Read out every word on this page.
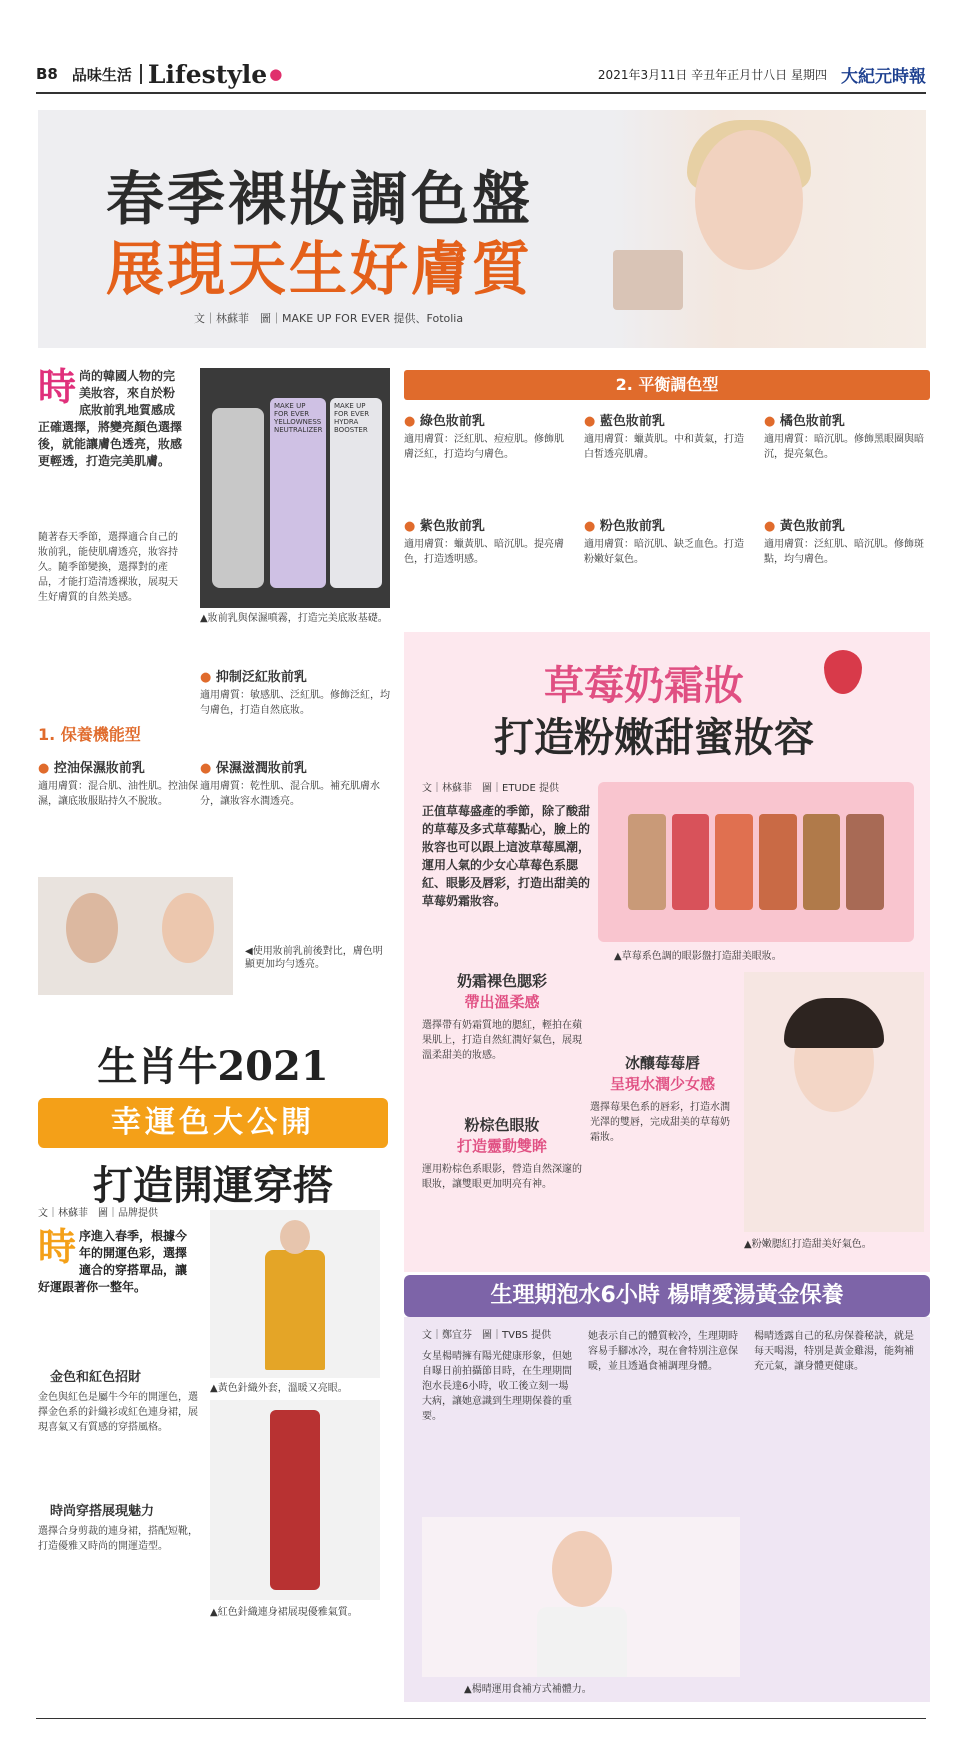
B8 品味生活 Lifestyle ●	2021年3月11日 辛丑年正月廿八日 星期四 大紀元時報
春季裸妝調色盤
展現天生好膚質
文｜林蘇菲　圖｜MAKE UP FOR EVER 提供、Fotolia
時 尚的韓國人物的完美妝容，來自於粉底妝前乳地質感成正確選擇，將變亮顏色選擇後，就能讓膚色透亮，妝感更輕透，打造完美肌膚。
隨著春天季節，選擇適合自己的妝前乳，能使肌膚透亮，妝容持久。隨季節變換，選擇對的產品，才能打造清透裸妝，展現天生好膚質的自然美感。
MAKE UP FOR EVER
YELLOWNESS NEUTRALIZER
MAKE UP FOR EVER
HYDRA BOOSTER
▲妝前乳與保濕噴霧，打造完美底妝基礎。
● 抑制泛紅妝前乳
適用膚質：敏感肌、泛紅肌。修飾泛紅，均勻膚色，打造自然底妝。
1. 保養機能型
● 控油保濕妝前乳
適用膚質：混合肌、油性肌。控油保濕，讓底妝服貼持久不脫妝。
● 保濕滋潤妝前乳
適用膚質：乾性肌、混合肌。補充肌膚水分，讓妝容水潤透亮。
◀使用妝前乳前後對比，膚色明顯更加均勻透亮。
2. 平衡調色型
● 綠色妝前乳
適用膚質：泛紅肌、痘痘肌。修飾肌膚泛紅，打造均勻膚色。
● 藍色妝前乳
適用膚質：蠟黃肌。中和黃氣，打造白皙透亮肌膚。
● 橘色妝前乳
適用膚質：暗沉肌。修飾黑眼圈與暗沉，提亮氣色。
● 紫色妝前乳
適用膚質：蠟黃肌、暗沉肌。提亮膚色，打造透明感。
● 粉色妝前乳
適用膚質：暗沉肌、缺乏血色。打造粉嫩好氣色。
● 黃色妝前乳
適用膚質：泛紅肌、暗沉肌。修飾斑點，均勻膚色。
草莓奶霜妝
打造粉嫩甜蜜妝容
文｜林蘇菲　圖｜ETUDE 提供
正值草莓盛產的季節，除了酸甜的草莓及多式草莓點心，臉上的妝容也可以跟上這波草莓風潮，運用人氣的少女心草莓色系腮紅、眼影及唇彩，打造出甜美的草莓奶霜妝容。
▲草莓系色調的眼影盤打造甜美眼妝。
奶霜裸色腮彩
帶出溫柔感
選擇帶有奶霜質地的腮紅，輕拍在蘋果肌上，打造自然紅潤好氣色，展現溫柔甜美的妝感。
粉棕色眼妝
打造靈動雙眸
運用粉棕色系眼影，營造自然深邃的眼妝，讓雙眼更加明亮有神。
冰釀莓莓唇
呈現水潤少女感
選擇莓果色系的唇彩，打造水潤光澤的雙唇，完成甜美的草莓奶霜妝。
▲粉嫩腮紅打造甜美好氣色。
生肖牛2021
幸運色大公開
打造開運穿搭
文｜林蘇菲　圖｜品牌提供
時序進入春季，根據今年的開運色彩，選擇適合的穿搭單品，讓好運跟著你一整年。
金色和紅色招財
金色與紅色是屬牛今年的開運色，選擇金色系的針織衫或紅色連身裙，展現喜氣又有質感的穿搭風格。
時尚穿搭展現魅力
選擇合身剪裁的連身裙，搭配短靴，打造優雅又時尚的開運造型。
▲黃色針織外套，溫暖又亮眼。
▲紅色針織連身裙展現優雅氣質。
生理期泡水6小時 楊晴愛湯黃金保養
文｜鄭宜芬　圖｜TVBS 提供
女星楊晴擁有陽光健康形象，但她自曝日前拍攝節目時，在生理期間泡水長達6小時，收工後立刻一場大病，讓她意識到生理期保養的重要。
她表示自己的體質較冷，生理期時容易手腳冰冷，現在會特別注意保暖，並且透過食補調理身體。
楊晴透露自己的私房保養秘訣，就是每天喝湯，特別是黃金雞湯，能夠補充元氣，讓身體更健康。
▲楊晴運用食補方式補體力。
